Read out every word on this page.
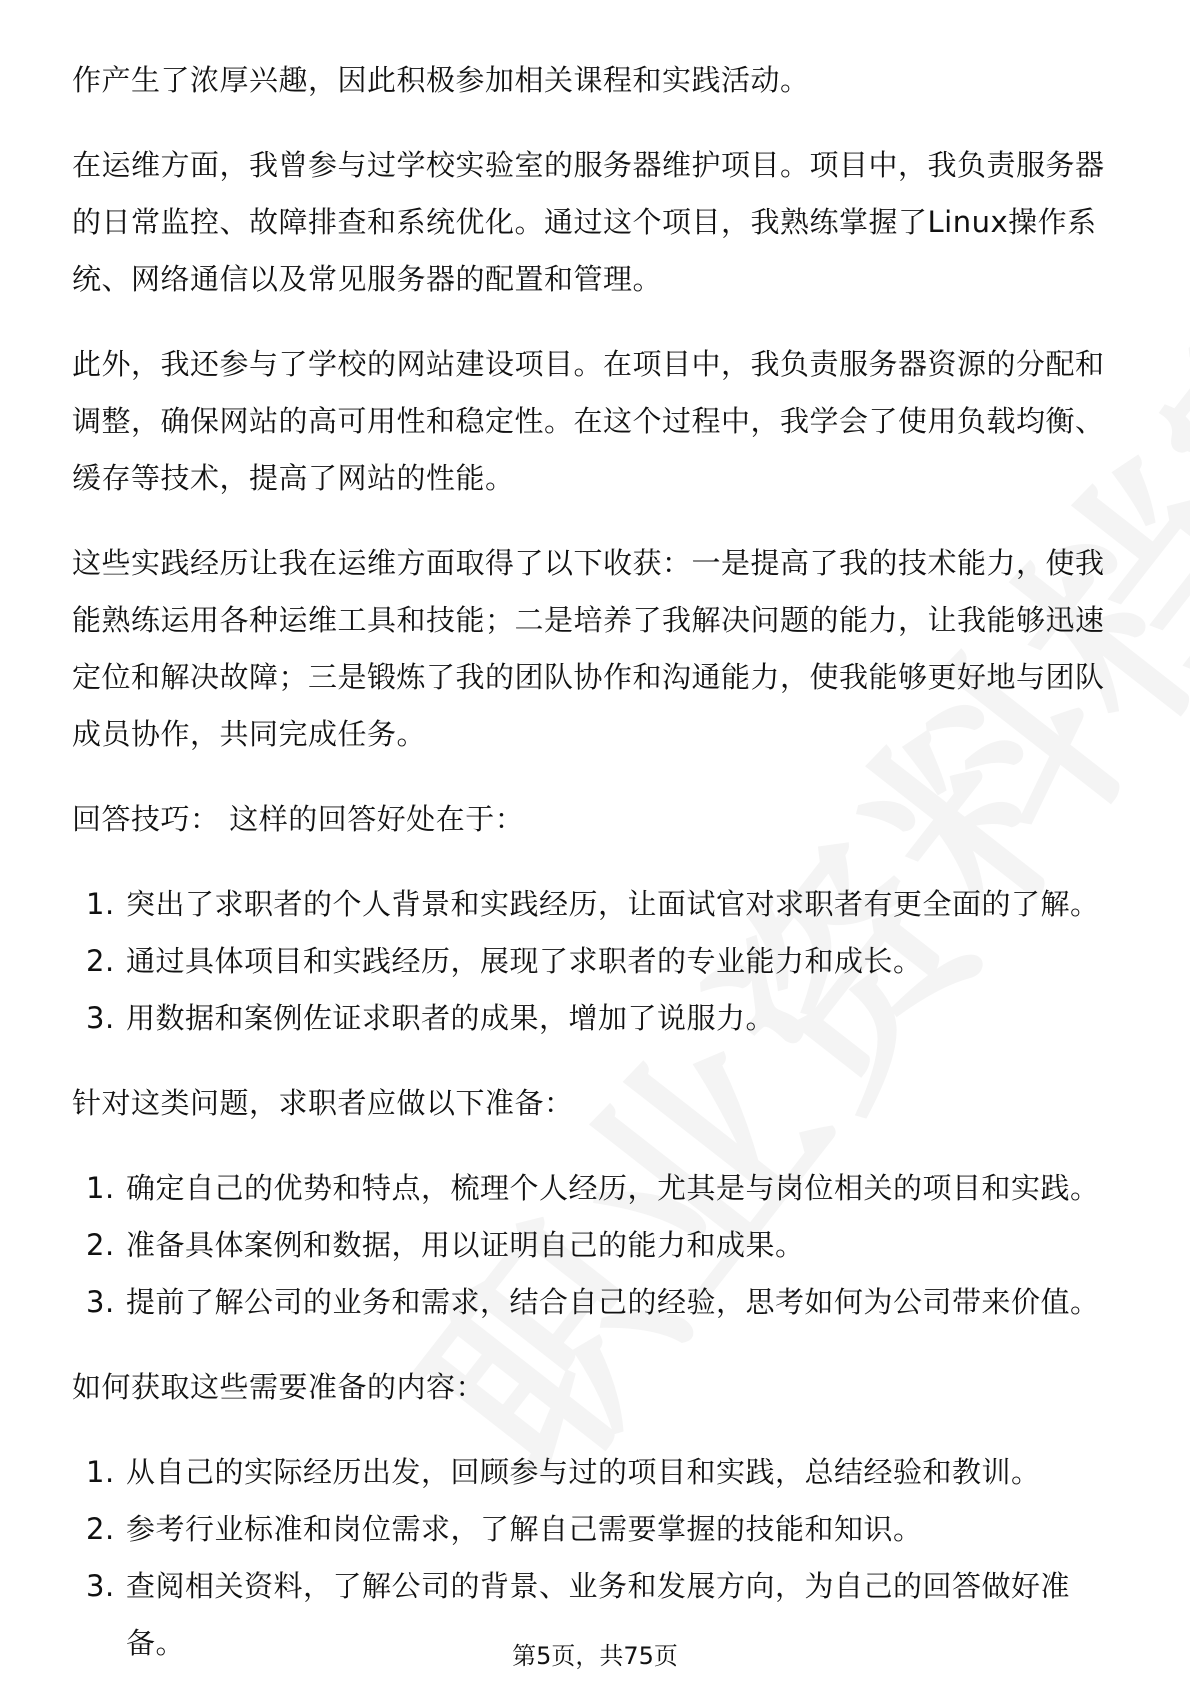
作产生了浓厚兴趣，因此积极参加相关课程和实践活动。

在运维方面，我曾参与过学校实验室的服务器维护项目。项目中，我负责服务器的日常监控、故障排查和系统优化。通过这个项目，我熟练掌握了Linux操作系统、网络通信以及常见服务器的配置和管理。

此外，我还参与了学校的网站建设项目。在项目中，我负责服务器资源的分配和调整，确保网站的高可用性和稳定性。在这个过程中，我学会了使用负载均衡、缓存等技术，提高了网站的性能。

这些实践经历让我在运维方面取得了以下收获：一是提高了我的技术能力，使我能熟练运用各种运维工具和技能；二是培养了我解决问题的能力，让我能够迅速定位和解决故障；三是锻炼了我的团队协作和沟通能力，使我能够更好地与团队成员协作，共同完成任务。

回答技巧： 这样的回答好处在于：

1. 突出了求职者的个人背景和实践经历，让面试官对求职者有更全面的了解。
2. 通过具体项目和实践经历，展现了求职者的专业能力和成长。
3. 用数据和案例佐证求职者的成果，增加了说服力。

针对这类问题，求职者应做以下准备：

1. 确定自己的优势和特点，梳理个人经历，尤其是与岗位相关的项目和实践。
2. 准备具体案例和数据，用以证明自己的能力和成果。
3. 提前了解公司的业务和需求，结合自己的经验，思考如何为公司带来价值。

如何获取这些需要准备的内容：

1. 从自己的实际经历出发，回顾参与过的项目和实践，总结经验和教训。
2. 参考行业标准和岗位需求，了解自己需要掌握的技能和知识。
3. 查阅相关资料，了解公司的背景、业务和发展方向，为自己的回答做好准备。	第5页，共75页
